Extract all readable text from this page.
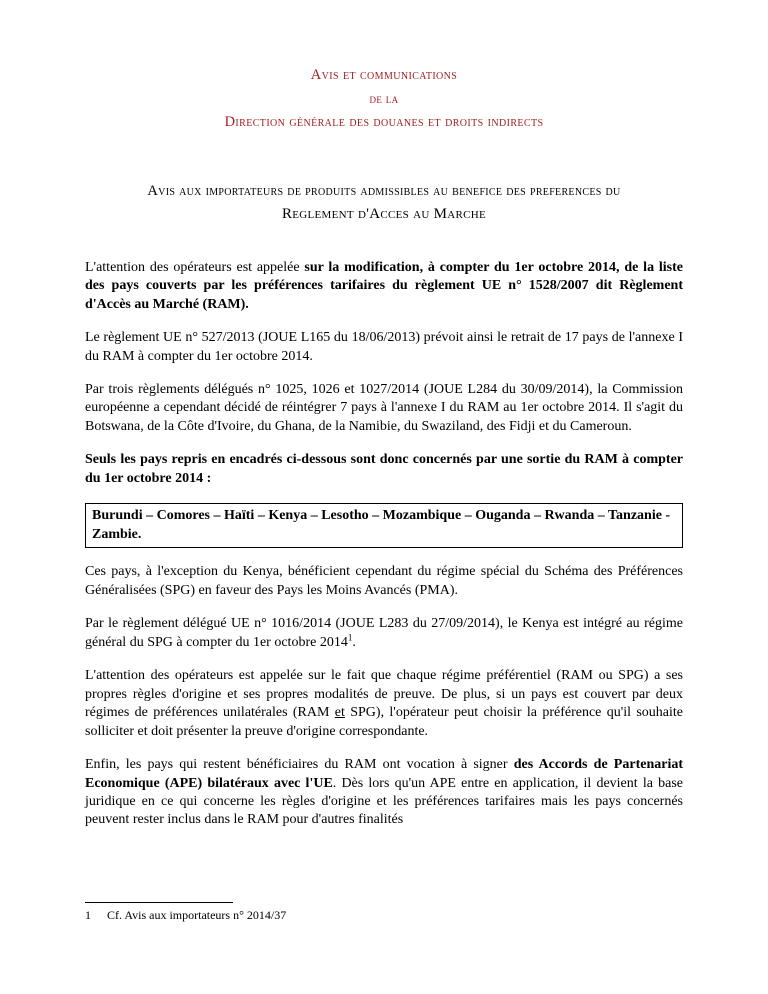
Avis et communications
de la
Direction générale des douanes et droits indirects
Avis aux importateurs de produits admissibles au benefice des preferences du
Reglement d'Acces au Marche

L'attention des opérateurs est appelée sur la modification, à compter du 1er octobre 2014, de la liste des pays couverts par les préférences tarifaires du règlement UE n° 1528/2007 dit Règlement d'Accès au Marché (RAM).

Le règlement UE n° 527/2013 (JOUE L165 du 18/06/2013) prévoit ainsi le retrait de 17 pays de l'annexe I du RAM à compter du 1er octobre 2014.

Par trois règlements délégués n° 1025, 1026 et 1027/2014 (JOUE L284 du 30/09/2014), la Commission européenne a cependant décidé de réintégrer 7 pays à l'annexe I du RAM au 1er octobre 2014. Il s'agit du Botswana, de la Côte d'Ivoire, du Ghana, de la Namibie, du Swaziland, des Fidji et du Cameroun.

Seuls les pays repris en encadrés ci-dessous sont donc concernés par une sortie du RAM à compter du 1er octobre 2014 :

Burundi – Comores – Haïti – Kenya – Lesotho – Mozambique – Ouganda – Rwanda – Tanzanie - Zambie.

Ces pays, à l'exception du Kenya, bénéficient cependant du régime spécial du Schéma des Préférences Généralisées (SPG) en faveur des Pays les Moins Avancés (PMA).

Par le règlement délégué UE n° 1016/2014 (JOUE L283 du 27/09/2014), le Kenya est intégré au régime général du SPG à compter du 1er octobre 2014$^1$.

L'attention des opérateurs est appelée sur le fait que chaque régime préférentiel (RAM ou SPG) a ses propres règles d'origine et ses propres modalités de preuve. De plus, si un pays est couvert par deux régimes de préférences unilatérales (RAM et SPG), l'opérateur peut choisir la préférence qu'il souhaite solliciter et doit présenter la preuve d'origine correspondante.

Enfin, les pays qui restent bénéficiaires du RAM ont vocation à signer des Accords de Partenariat Economique (APE) bilatéraux avec l'UE. Dès lors qu'un APE entre en application, il devient la base juridique en ce qui concerne les règles d'origine et les préférences tarifaires mais les pays concernés peuvent rester inclus dans le RAM pour d'autres finalités

1 Cf. Avis aux importateurs n° 2014/37
